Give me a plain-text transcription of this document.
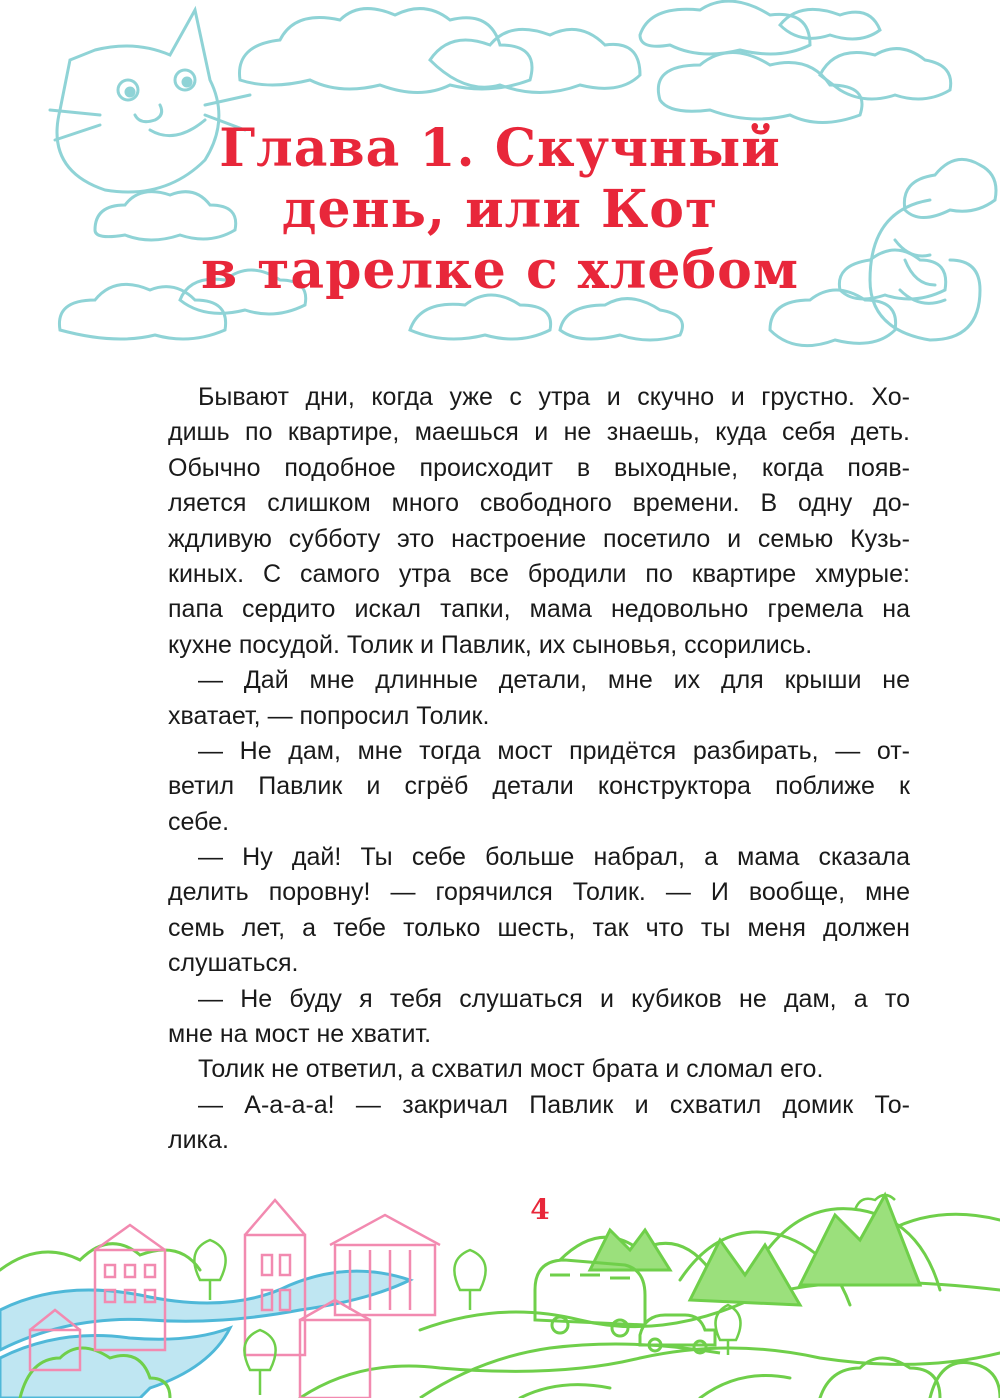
Глава 1. Скучный
день, или Кот
в тарелке с хлебом
Бывают дни, когда уже с утра и скучно и грустно. Хо-
дишь по квартире, маешься и не знаешь, куда себя деть.
Обычно подобное происходит в выходные, когда появ-
ляется слишком много свободного времени. В одну до-
ждливую субботу это настроение посетило и семью Кузь-
киных. С самого утра все бродили по квартире хмурые:
папа сердито искал тапки, мама недовольно гремела на
кухне посудой. Толик и Павлик, их сыновья, ссорились.
— Дай мне длинные детали, мне их для крыши не
хватает, — попросил Толик.
— Не дам, мне тогда мост придётся разбирать, — от-
ветил Павлик и сгрёб детали конструктора поближе к
себе.
— Ну дай! Ты себе больше набрал, а мама сказала
делить поровну! — горячился Толик. — И вообще, мне
семь лет, а тебе только шесть, так что ты меня должен
слушаться.
— Не буду я тебя слушаться и кубиков не дам, а то
мне на мост не хватит.
Толик не ответил, а схватил мост брата и сломал его.
— А-а-а-а! — закричал Павлик и схватил домик То-
лика.
4
